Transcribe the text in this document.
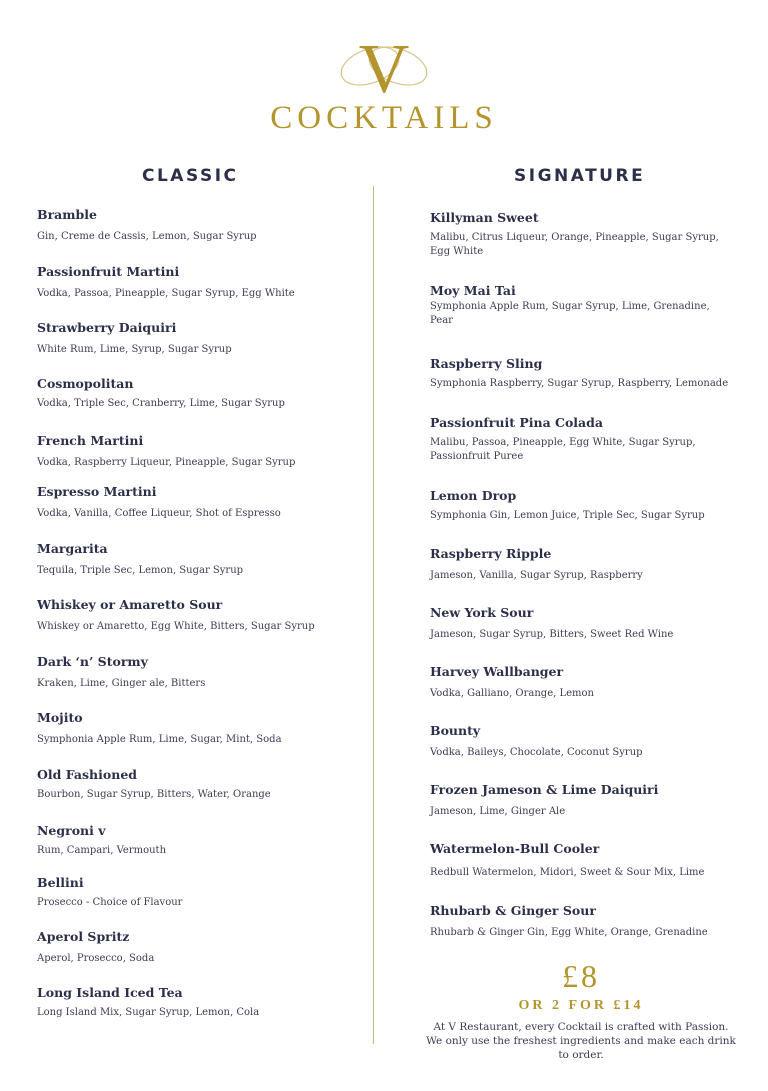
V
COCKTAILS
CLASSIC	SIGNATURE
Bramble
Gin, Creme de Cassis, Lemon, Sugar Syrup
Passionfruit Martini
Vodka, Passoa, Pineapple, Sugar Syrup, Egg White
Strawberry Daiquiri
White Rum, Lime, Syrup, Sugar Syrup
Cosmopolitan
Vodka, Triple Sec, Cranberry, Lime, Sugar Syrup
French Martini
Vodka, Raspberry Liqueur, Pineapple, Sugar Syrup
Espresso Martini
Vodka, Vanilla, Coffee Liqueur, Shot of Espresso
Margarita
Tequila, Triple Sec, Lemon, Sugar Syrup
Whiskey or Amaretto Sour
Whiskey or Amaretto, Egg White, Bitters, Sugar Syrup
Dark ‘n’ Stormy
Kraken, Lime, Ginger ale, Bitters
Mojito
Symphonia Apple Rum, Lime, Sugar, Mint, Soda
Old Fashioned
Bourbon, Sugar Syrup, Bitters, Water, Orange
Negroni v
Rum, Campari, Vermouth
Bellini
Prosecco - Choice of Flavour
Aperol Spritz
Aperol, Prosecco, Soda
Long Island Iced Tea
Long Island Mix, Sugar Syrup, Lemon, Cola
Killyman Sweet
Malibu, Citrus Liqueur, Orange, Pineapple, Sugar Syrup, Egg White
Moy Mai Tai
Symphonia Apple Rum, Sugar Syrup, Lime, Grenadine, Pear
Raspberry Sling
Symphonia Raspberry, Sugar Syrup, Raspberry, Lemonade
Passionfruit Pina Colada
Malibu, Passoa, Pineapple, Egg White, Sugar Syrup, Passionfruit Puree
Lemon Drop
Symphonia Gin, Lemon Juice, Triple Sec, Sugar Syrup
Raspberry Ripple
Jameson, Vanilla, Sugar Syrup, Raspberry
New York Sour
Jameson, Sugar Syrup, Bitters, Sweet Red Wine
Harvey Wallbanger
Vodka, Galliano, Orange, Lemon
Bounty
Vodka, Baileys, Chocolate, Coconut Syrup
Frozen Jameson & Lime Daiquiri
Jameson, Lime, Ginger Ale
Watermelon-Bull Cooler
Redbull Watermelon, Midori, Sweet & Sour Mix, Lime
Rhubarb & Ginger Sour
Rhubarb & Ginger Gin, Egg White, Orange, Grenadine
£8
OR 2 FOR £14
At V Restaurant, every Cocktail is crafted with Passion. We only use the freshest ingredients and make each drink to order.
